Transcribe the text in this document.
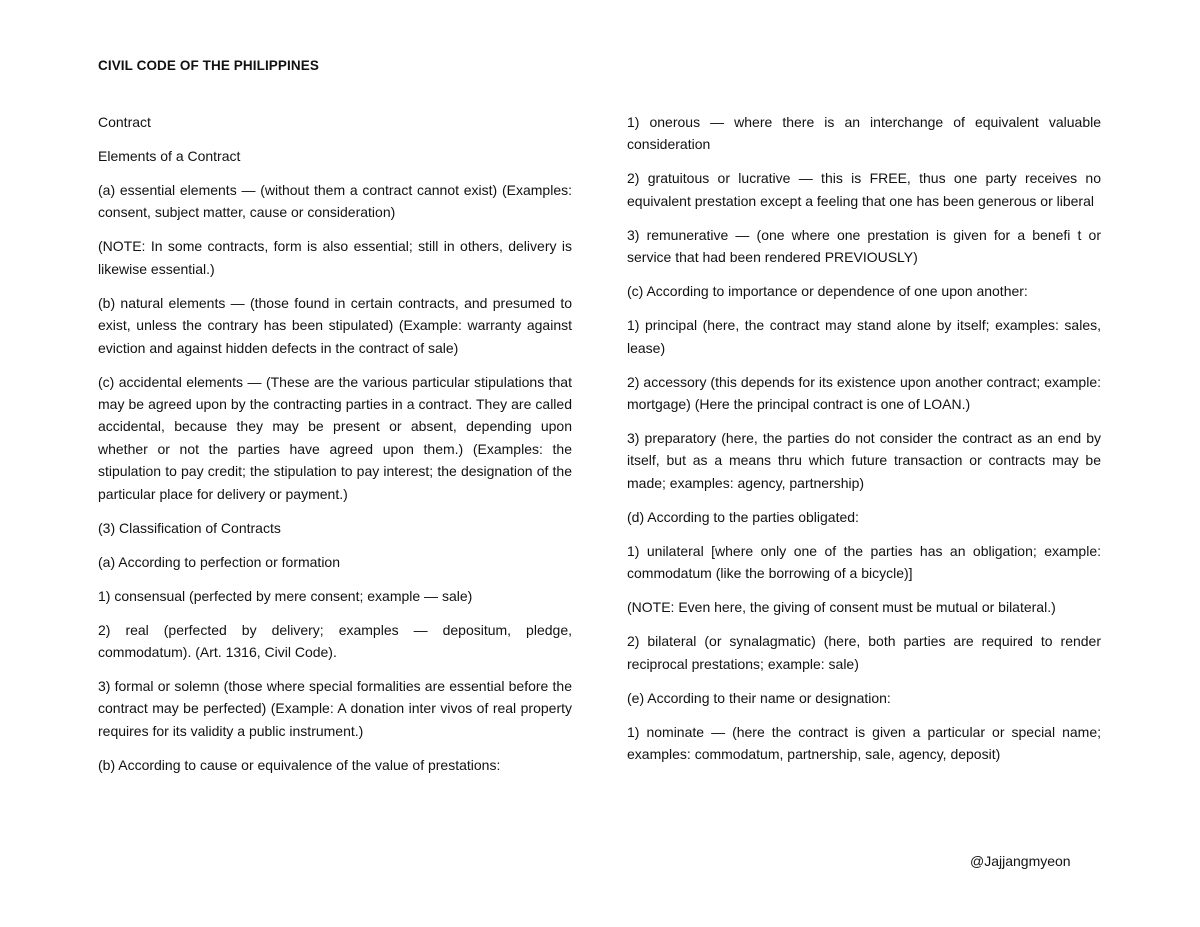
CIVIL CODE OF THE PHILIPPINES

Contract

Elements of a Contract

(a) essential elements — (without them a contract cannot exist) (Examples: consent, subject matter, cause or consideration)

(NOTE: In some contracts, form is also essential; still in others, delivery is likewise essential.)

(b) natural elements — (those found in certain contracts, and presumed to exist, unless the contrary has been stipulated) (Example: warranty against eviction and against hidden defects in the contract of sale)

(c) accidental elements — (These are the various particular stipulations that may be agreed upon by the contracting parties in a contract. They are called accidental, because they may be present or absent, depending upon whether or not the parties have agreed upon them.) (Examples: the stipulation to pay credit; the stipulation to pay interest; the designation of the particular place for delivery or payment.)

(3) Classification of Contracts

(a) According to perfection or formation

1) consensual (perfected by mere consent; example — sale)

2) real (perfected by delivery; examples — depositum, pledge, commodatum). (Art. 1316, Civil Code).

3) formal or solemn (those where special formalities are essential before the contract may be perfected) (Example: A donation inter vivos of real property requires for its validity a public instrument.)

(b) According to cause or equivalence of the value of prestations:

1) onerous — where there is an interchange of equivalent valuable consideration

2) gratuitous or lucrative — this is FREE, thus one party receives no equivalent prestation except a feeling that one has been generous or liberal

3) remunerative — (one where one prestation is given for a benefi t or service that had been rendered PREVIOUSLY)

(c) According to importance or dependence of one upon another:

1) principal (here, the contract may stand alone by itself; examples: sales, lease)

2) accessory (this depends for its existence upon another contract; example: mortgage) (Here the principal contract is one of LOAN.)

3) preparatory (here, the parties do not consider the contract as an end by itself, but as a means thru which future transaction or contracts may be made; examples: agency, partnership)

(d) According to the parties obligated:

1) unilateral [where only one of the parties has an obligation; example: commodatum (like the borrowing of a bicycle)]

(NOTE: Even here, the giving of consent must be mutual or bilateral.)

2) bilateral (or synalagmatic) (here, both parties are required to render reciprocal prestations; example: sale)

(e) According to their name or designation:

1) nominate — (here the contract is given a particular or special name; examples: commodatum, partnership, sale, agency, deposit)

@Jajjangmyeon
